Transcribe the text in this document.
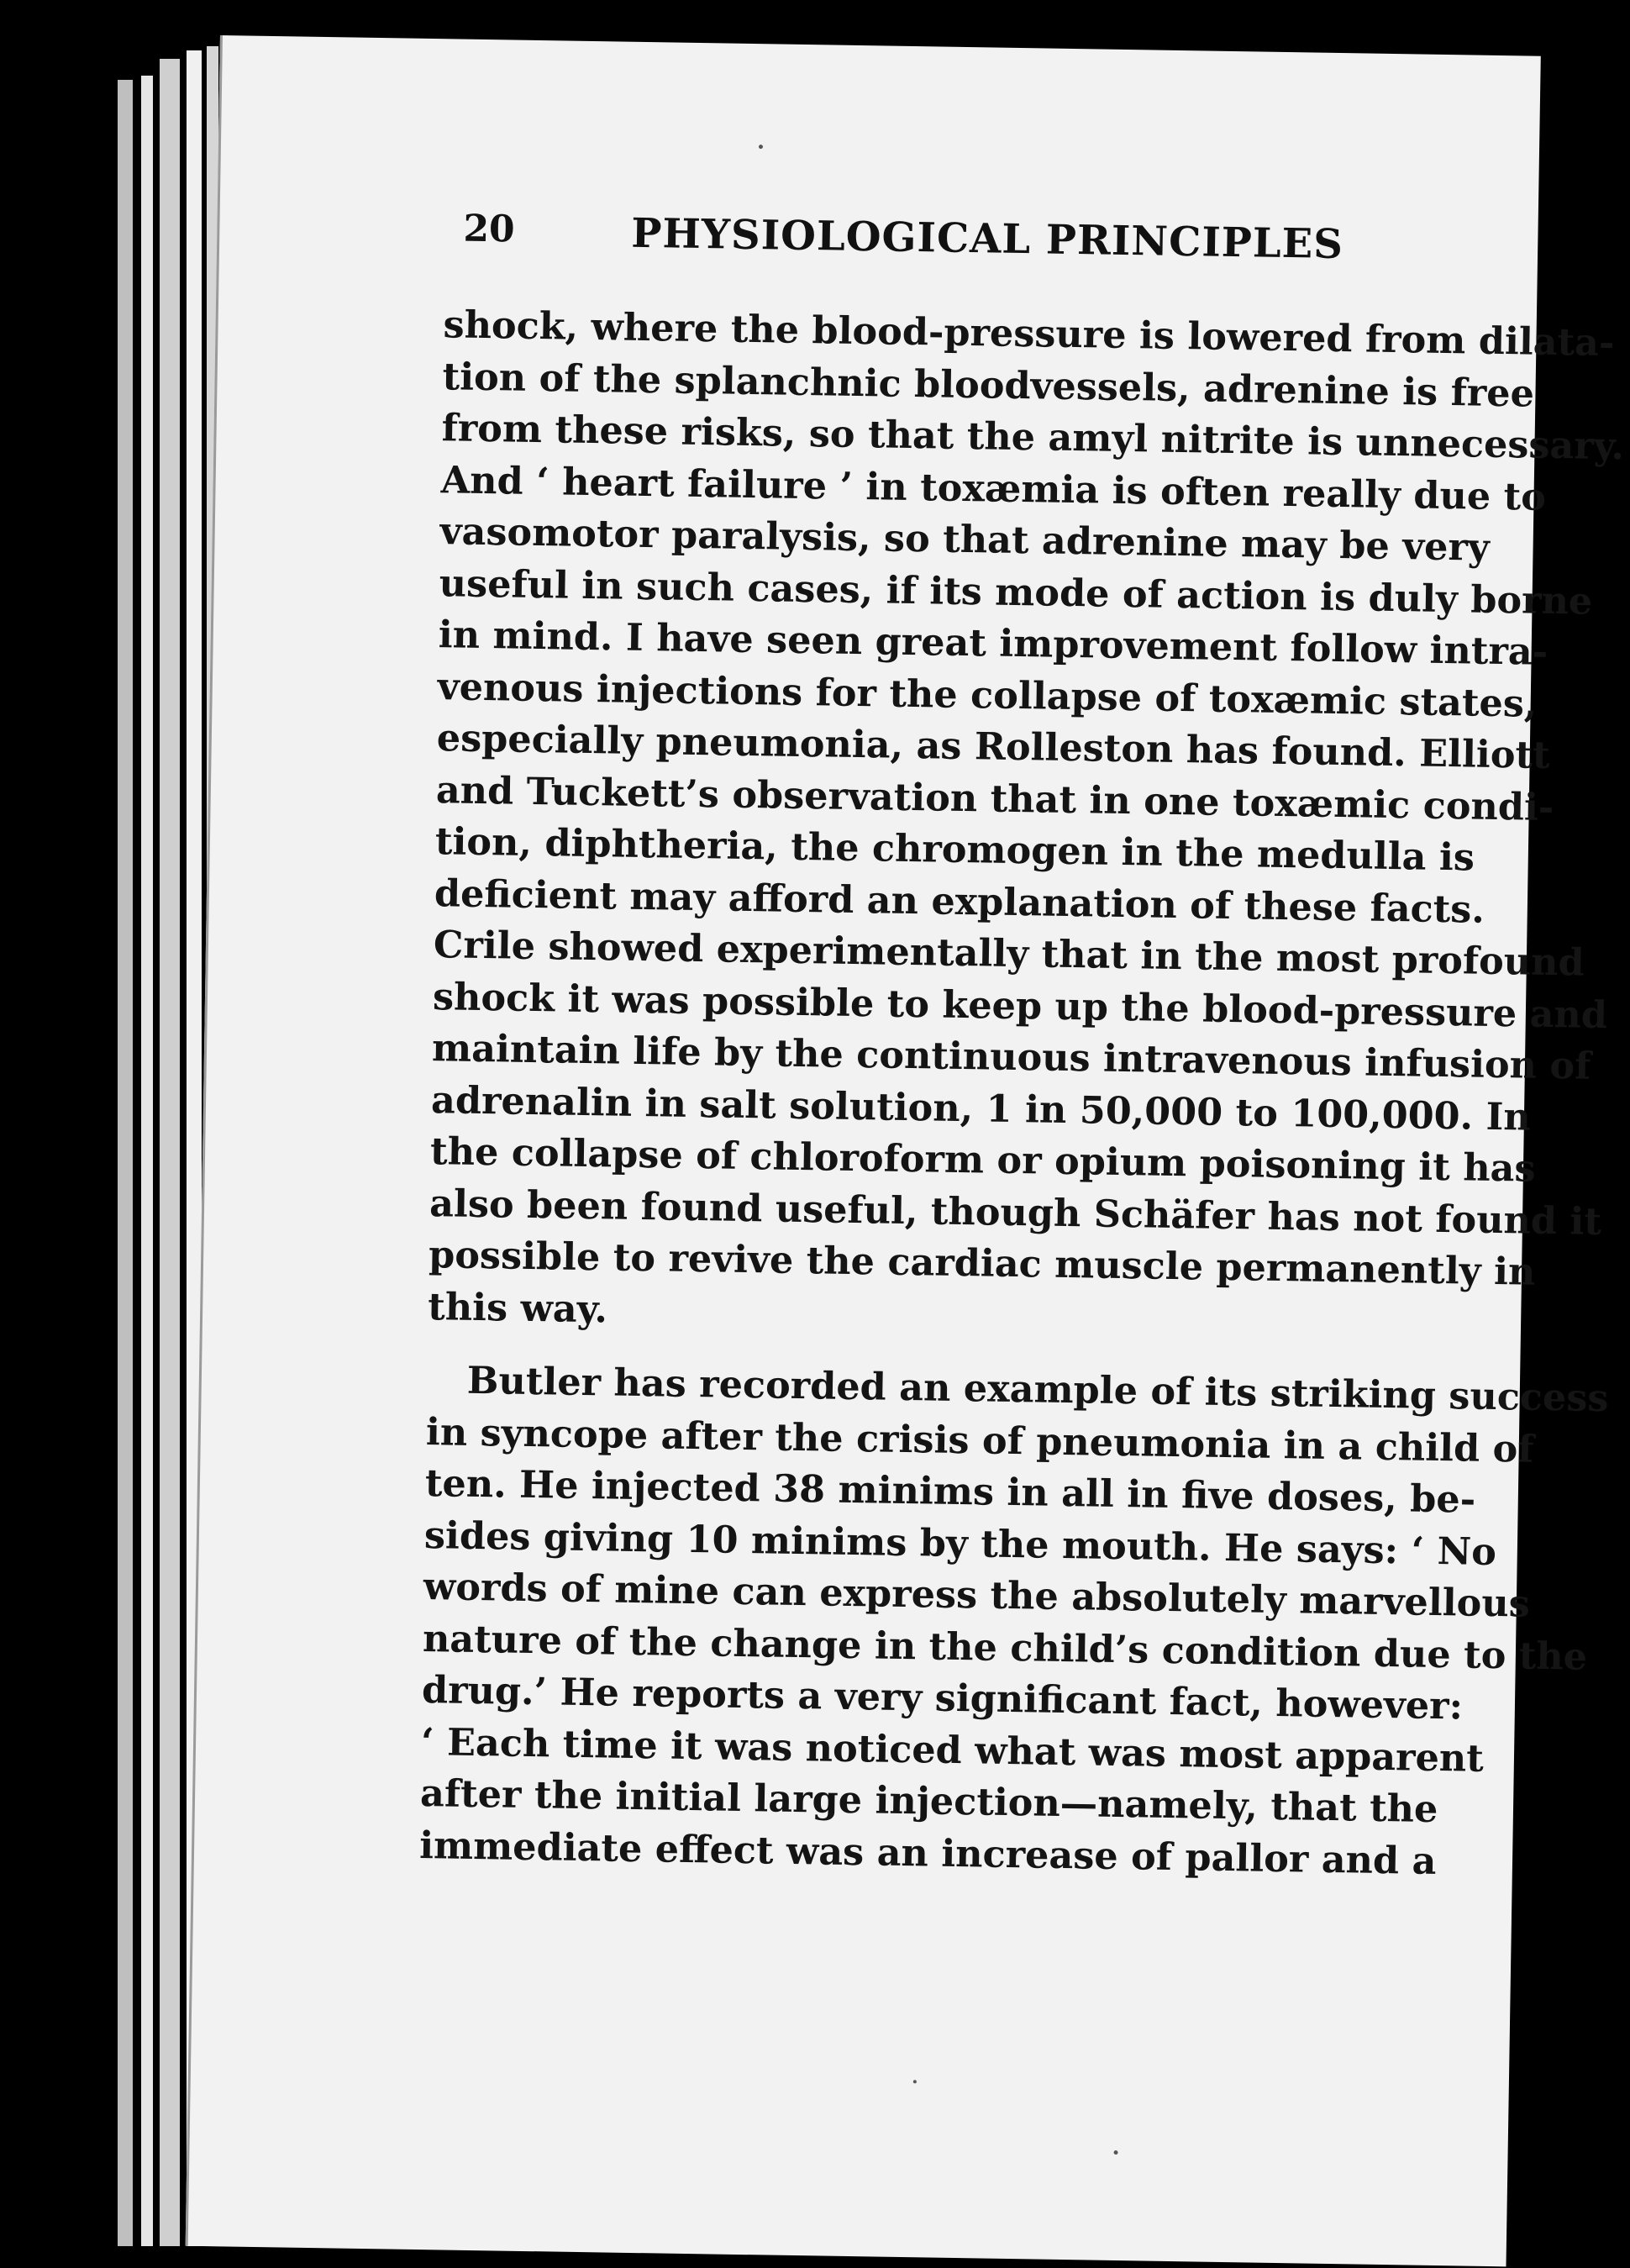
20	PHYSIOLOGICAL PRINCIPLES
shock, where the blood-pressure is lowered from dilata-
tion of the splanchnic bloodvessels, adrenine is free
from these risks, so that the amyl nitrite is unnecessary.
And ‘ heart failure ’ in toxæmia is often really due to
vasomotor paralysis, so that adrenine may be very
useful in such cases, if its mode of action is duly borne
in mind. I have seen great improvement follow intra-
venous injections for the collapse of toxæmic states,
especially pneumonia, as Rolleston has found. Elliott
and Tuckett’s observation that in one toxæmic condi-
tion, diphtheria, the chromogen in the medulla is
deficient may afford an explanation of these facts.
Crile showed experimentally that in the most profound
shock it was possible to keep up the blood-pressure and
maintain life by the continuous intravenous infusion of
adrenalin in salt solution, 1 in 50,000 to 100,000. In
the collapse of chloroform or opium poisoning it has
also been found useful, though Schäfer has not found it
possible to revive the cardiac muscle permanently in
this way.
Butler has recorded an example of its striking success
in syncope after the crisis of pneumonia in a child of
ten. He injected 38 minims in all in five doses, be-
sides giving 10 minims by the mouth. He says: ‘ No
words of mine can express the absolutely marvellous
nature of the change in the child’s condition due to the
drug.’ He reports a very significant fact, however:
‘ Each time it was noticed what was most apparent
after the initial large injection—namely, that the
immediate effect was an increase of pallor and a
